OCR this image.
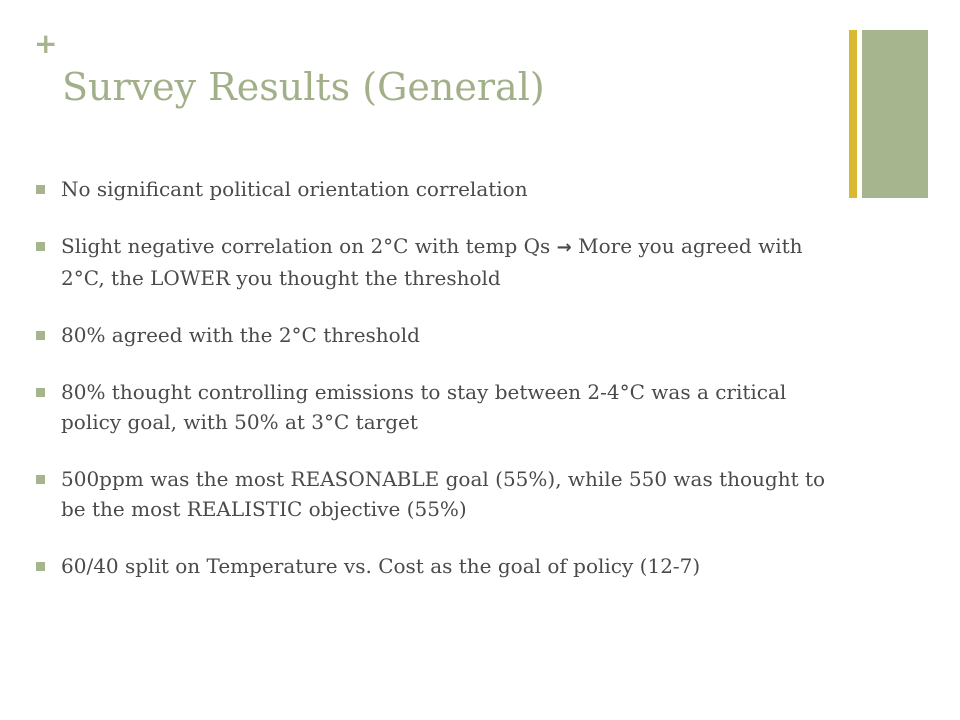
+
Survey Results (General)
No significant political orientation correlation
Slight negative correlation on 2°C with temp Qs → More you agreed with 2°C, the LOWER you thought the threshold
80% agreed with the 2°C threshold
80% thought controlling emissions to stay between 2-4°C was a critical policy goal, with 50% at 3°C target
500ppm was the most REASONABLE goal (55%), while 550 was thought to be the most REALISTIC objective (55%)
60/40 split on Temperature vs. Cost as the goal of policy (12-7)
